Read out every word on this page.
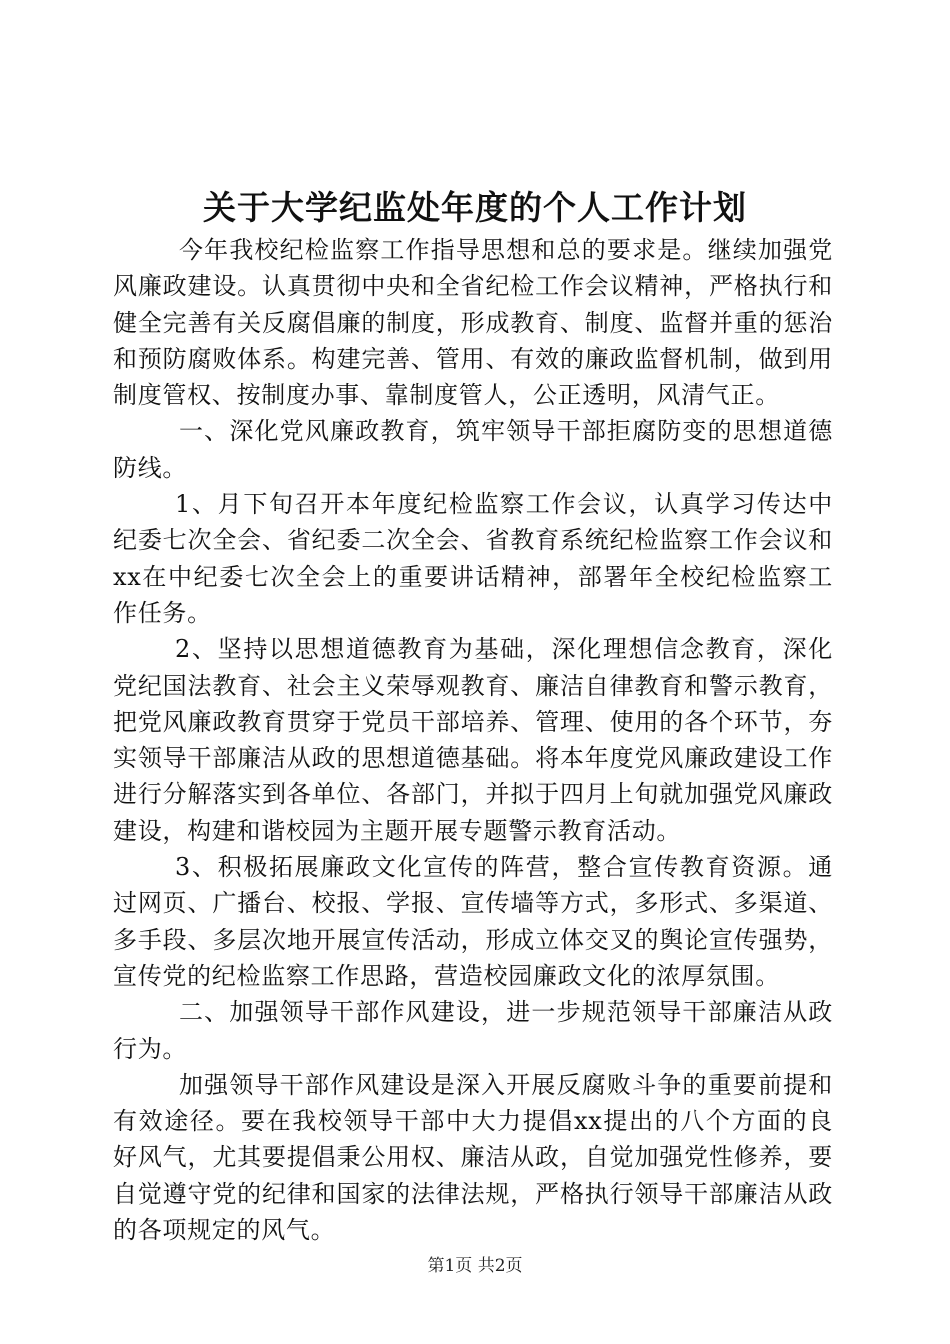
关于大学纪监处年度的个人工作计划

今年我校纪检监察工作指导思想和总的要求是。继续加强党风廉政建设。认真贯彻中央和全省纪检工作会议精神，严格执行和健全完善有关反腐倡廉的制度，形成教育、制度、监督并重的惩治和预防腐败体系。构建完善、管用、有效的廉政监督机制，做到用制度管权、按制度办事、靠制度管人，公正透明，风清气正。

一、深化党风廉政教育，筑牢领导干部拒腐防变的思想道德防线。

1、月下旬召开本年度纪检监察工作会议，认真学习传达中纪委七次全会、省纪委二次全会、省教育系统纪检监察工作会议和xx在中纪委七次全会上的重要讲话精神，部署年全校纪检监察工作任务。

2、坚持以思想道德教育为基础，深化理想信念教育，深化党纪国法教育、社会主义荣辱观教育、廉洁自律教育和警示教育，把党风廉政教育贯穿于党员干部培养、管理、使用的各个环节，夯实领导干部廉洁从政的思想道德基础。将本年度党风廉政建设工作进行分解落实到各单位、各部门，并拟于四月上旬就加强党风廉政建设，构建和谐校园为主题开展专题警示教育活动。

3、积极拓展廉政文化宣传的阵营，整合宣传教育资源。通过网页、广播台、校报、学报、宣传墙等方式，多形式、多渠道、多手段、多层次地开展宣传活动，形成立体交叉的舆论宣传强势，宣传党的纪检监察工作思路，营造校园廉政文化的浓厚氛围。

二、加强领导干部作风建设，进一步规范领导干部廉洁从政行为。

加强领导干部作风建设是深入开展反腐败斗争的重要前提和有效途径。要在我校领导干部中大力提倡xx提出的八个方面的良好风气，尤其要提倡秉公用权、廉洁从政，自觉加强党性修养，要自觉遵守党的纪律和国家的法律法规，严格执行领导干部廉洁从政的各项规定的风气。

第1页 共2页
